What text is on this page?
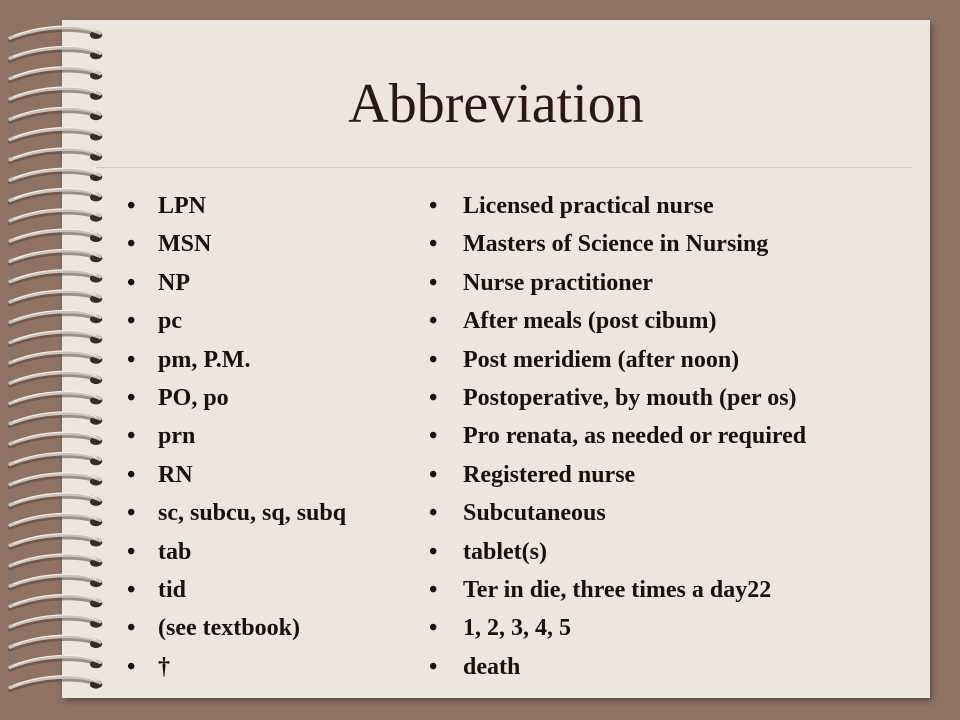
Abbreviation
• LPN
• MSN
• NP
• pc
• pm, P.M.
• PO, po
• prn
• RN
• sc, subcu, sq, subq
• tab
• tid
• (see textbook)
• †
• Licensed practical nurse
• Masters of Science in Nursing
• Nurse practitioner
• After meals (post cibum)
• Post meridiem (after noon)
• Postoperative, by mouth (per os)
• Pro renata, as needed or required
• Registered nurse
• Subcutaneous
• tablet(s)
• Ter in die, three times a day22
• 1, 2, 3, 4, 5
• death
